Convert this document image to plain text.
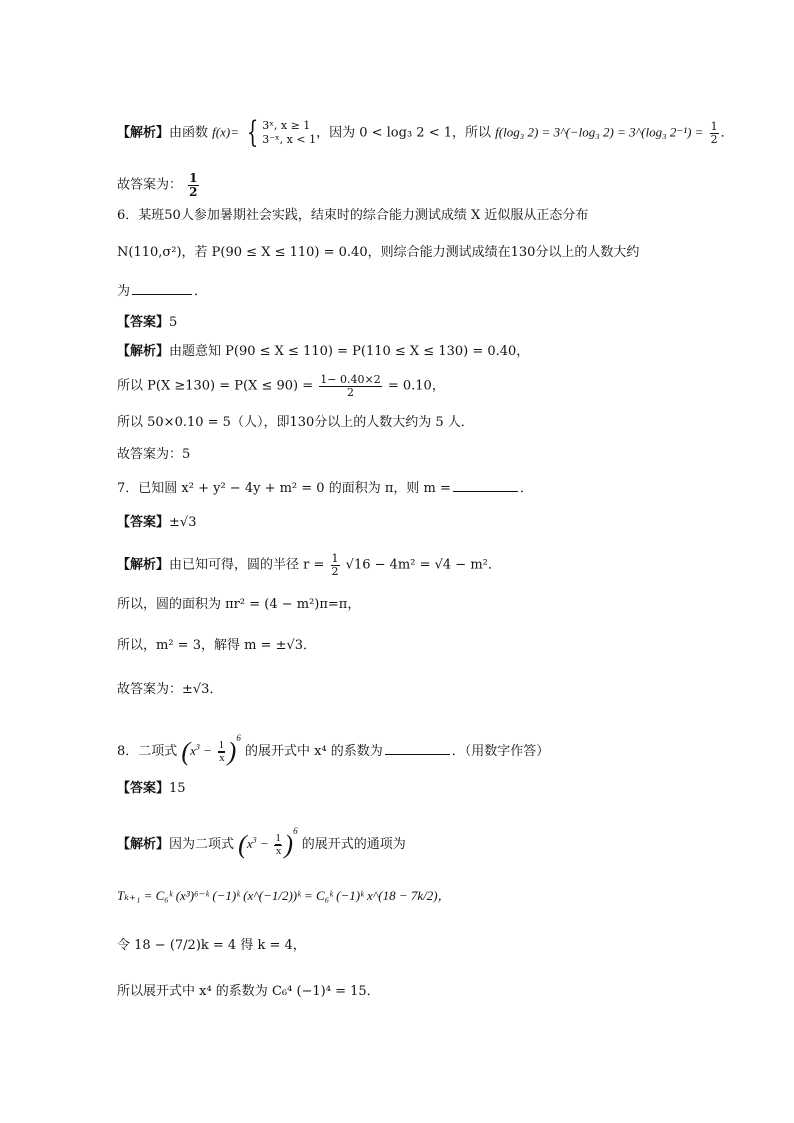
【解析】由函数 f(x)= { 3ˣ, x ≥ 1
3⁻ˣ, x < 1 ，因为 0 < log₃ 2 < 1，所以 f(log₃ 2) = 3^(−log₃ 2) = 3^(log₃ $2^{-1}) = \frac{1}{2}$ ．
故答案为： $\frac{1}{2}$
6．某班50人参加暑期社会实践，结束时的综合能力测试成绩 X 近似服从正态分布
N(110,σ²)，若 P(90 ≤ X ≤ 110) = 0.40，则综合能力测试成绩在130分以上的人数大约
为	．
【答案】5
【解析】由题意知 P(90 ≤ X ≤ 110) = P(110 ≤ X ≤ 130) = 0.40，
所以 $P(X \ge 130) = P(X \le 90) = \frac{1- 0.40\times 2}{2} = 0.10$，
所以 50×0.10 = 5（人），即130分以上的人数大约为 5 人．
故答案为：5
7．已知圆 x² + y² − 4y + m² = 0 的面积为 π，则 m =	．
【答案】±√3
【解析】由已知可得，圆的半径 $r = \frac{1}{2} √16 - 4m^2 = √4 - m^2$．
所以，圆的面积为 πr² = (4 − m²)π=π，
所以，m² = 3，解得 m = ±√3．
故答案为：±√3．
8．二项式 $(x^3 - \frac{1}{x} )^6$ 的展开式中 x⁴ 的系数为	．（用数字作答）
【答案】15
【解析】因为二项式 $(x^3 - \frac{1}{x} )^6$ 的展开式的通项为
Tₖ₊₁ = C₆ᵏ (x³)⁶⁻ᵏ (−1)ᵏ (x^(−1/2))ᵏ = C₆ᵏ (−1)ᵏ x^(18 − 7k/2)，
令 18 − (7/2)k = 4 得 k = 4，
所以展开式中 x⁴ 的系数为 C₆⁴ (−1)⁴ = 15．
